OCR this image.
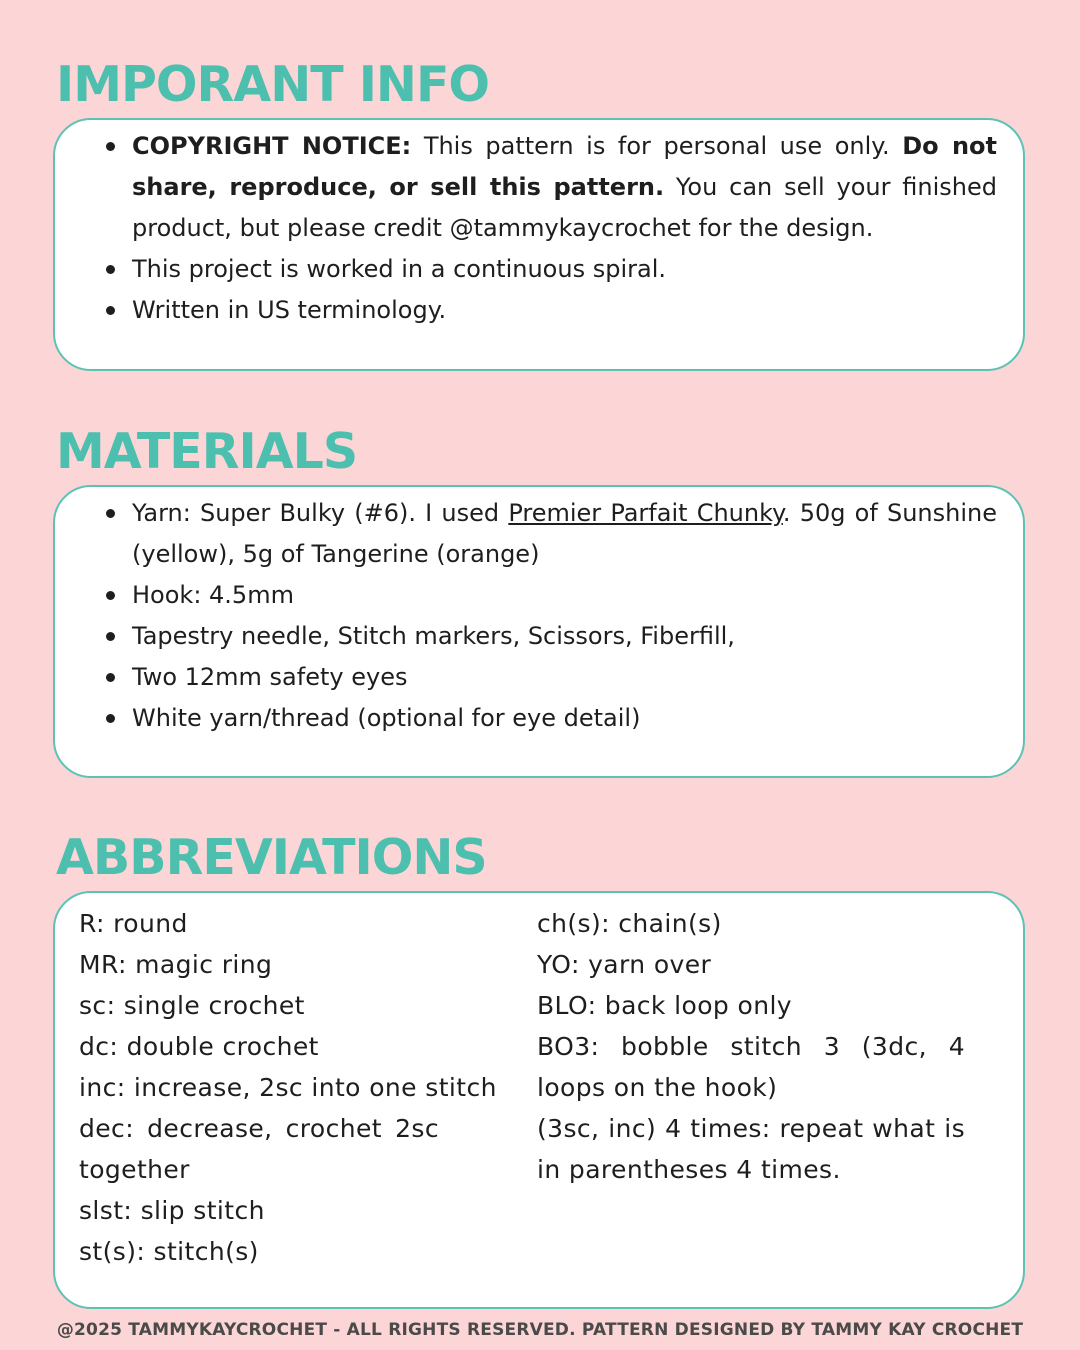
IMPORANT INFO
COPYRIGHT NOTICE: This pattern is for personal use only. Do not share, reproduce, or sell this pattern. You can sell your finished product, but please credit @tammykaycrochet for the design.
This project is worked in a continuous spiral.
Written in US terminology.
MATERIALS
Yarn: Super Bulky (#6). I used Premier Parfait Chunky. 50g of Sunshine (yellow), 5g of Tangerine (orange)
Hook: 4.5mm
Tapestry needle, Stitch markers, Scissors, Fiberfill,
Two 12mm safety eyes
White yarn/thread (optional for eye detail)
ABBREVIATIONS
R: round
MR: magic ring
sc: single crochet
dc: double crochet
inc: increase, 2sc into one stitch
dec: decrease, crochet 2sc together
slst: slip stitch
st(s): stitch(s)
ch(s): chain(s)
YO: yarn over
BLO: back loop only
BO3: bobble stitch 3 (3dc, 4 loops on the hook)
(3sc, inc) 4 times: repeat what is in parentheses 4 times.
@2025 TAMMYKAYCROCHET - ALL RIGHTS RESERVED. PATTERN DESIGNED BY TAMMY KAY CROCHET
